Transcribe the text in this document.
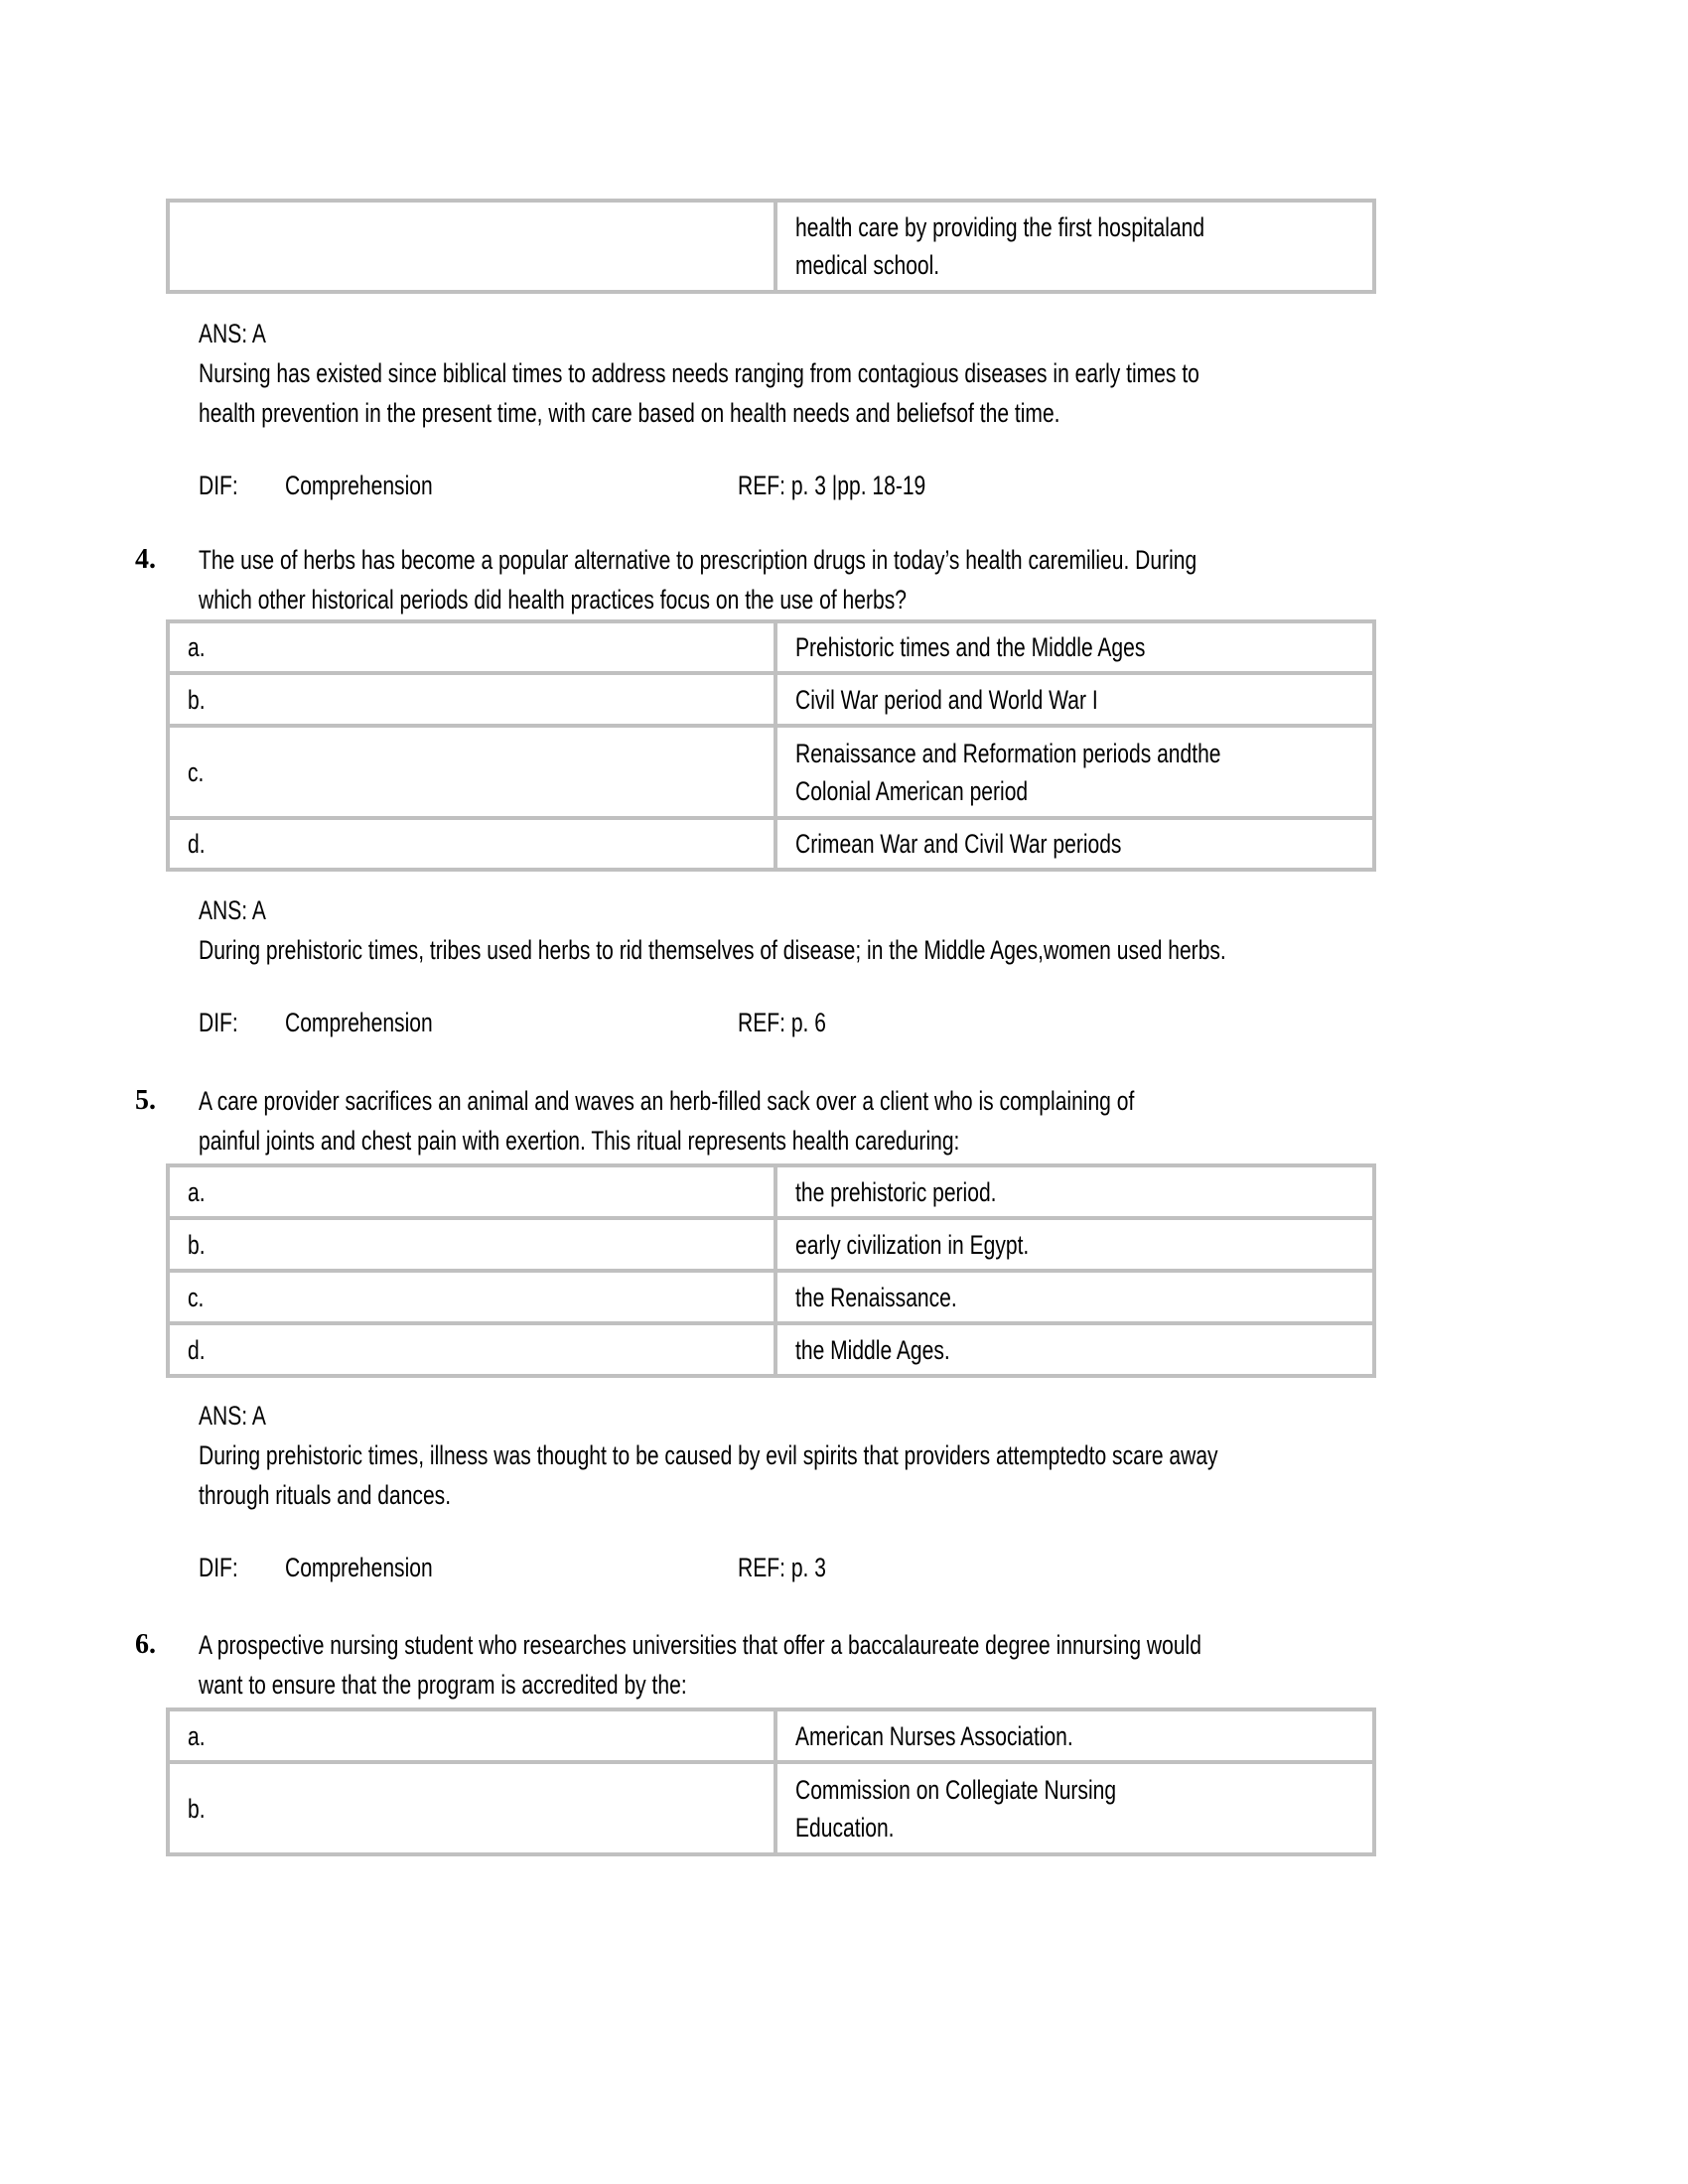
	health care by providing the first hospitaland
medical school.
ANS: A
Nursing has existed since biblical times to address needs ranging from contagious diseases in early times to
health prevention in the present time, with care based on health needs and beliefsof the time.
DIF:	Comprehension	REF: p. 3 |pp. 18-19
4. The use of herbs has become a popular alternative to prescription drugs in today’s health caremilieu. During
which other historical periods did health practices focus on the use of herbs?
a.	Prehistoric times and the Middle Ages
b.	Civil War period and World War I
c.	Renaissance and Reformation periods andthe
Colonial American period
d.	Crimean War and Civil War periods
ANS: A
During prehistoric times, tribes used herbs to rid themselves of disease; in the Middle Ages,women used herbs.
DIF:	Comprehension	REF: p. 6
5. A care provider sacrifices an animal and waves an herb-filled sack over a client who is complaining of
painful joints and chest pain with exertion. This ritual represents health careduring:
a.	the prehistoric period.
b.	early civilization in Egypt.
c.	the Renaissance.
d.	the Middle Ages.
ANS: A
During prehistoric times, illness was thought to be caused by evil spirits that providers attemptedto scare away
through rituals and dances.
DIF:	Comprehension	REF: p. 3
6. A prospective nursing student who researches universities that offer a baccalaureate degree innursing would
want to ensure that the program is accredited by the:
a.	American Nurses Association.
b.	Commission on Collegiate Nursing
Education.
